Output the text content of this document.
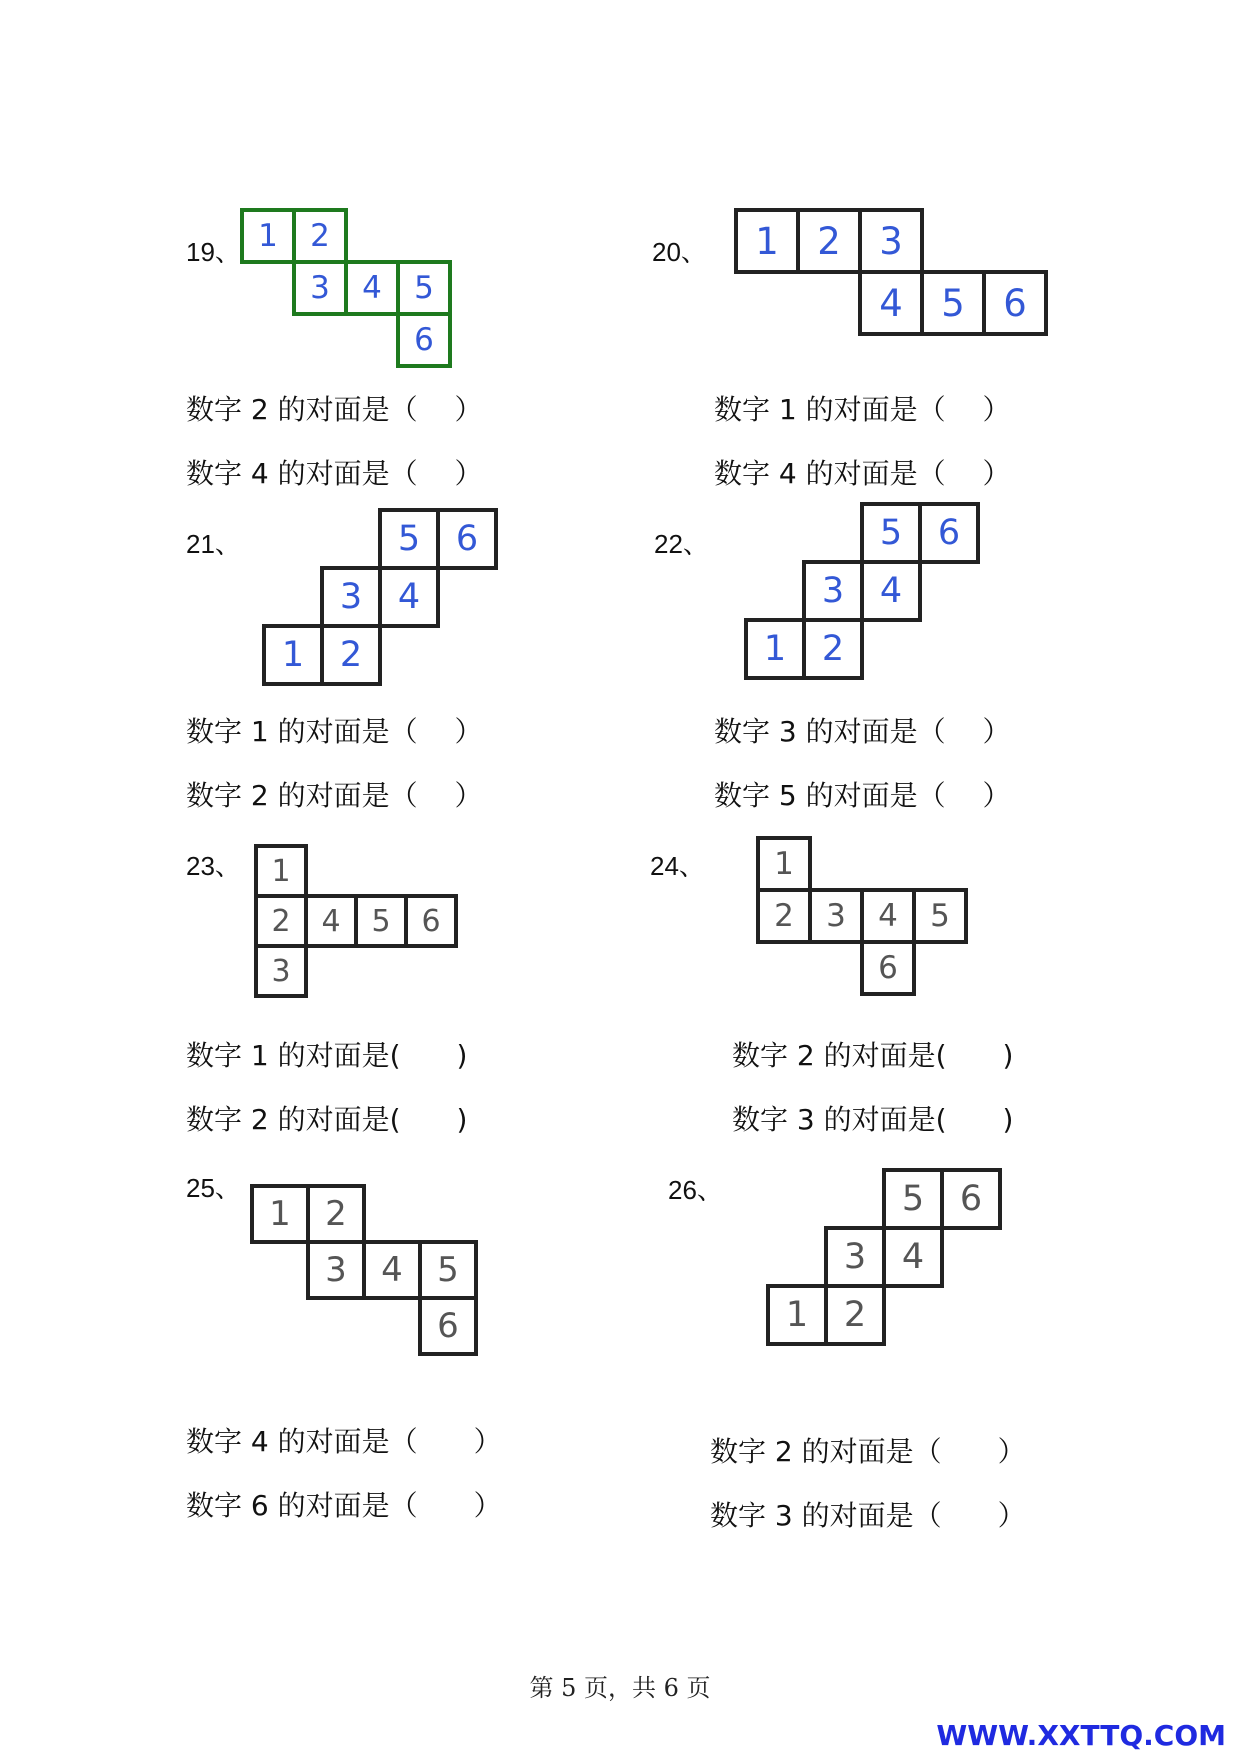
19、 1	2
3	4	5
6
数字 2 的对面是（　 ）
数字 4 的对面是（　 ）
20、	1	2	3
4	5	6
数字 1 的对面是（　 ）
数字 4 的对面是（　 ）
21、	5	6
3	4
1	2
数字 1 的对面是（　 ）
数字 2 的对面是（　 ）
22、	5	6
3	4
1	2
数字 3 的对面是（　 ）
数字 5 的对面是（　 ）
23、	1
2	4	5	6
3
数字 1 的对面是(　　)
数字 2 的对面是(　　)
24、	1
2	3	4	5
6
数字 2 的对面是(　　)
数字 3 的对面是(　　)
25、
1	2
3	4	5
6
数字 4 的对面是（　　）
数字 6 的对面是（　　）
26、	5	6
3	4
1	2
数字 2 的对面是（　　）
数字 3 的对面是（　　）
第 5 页，共 6 页
WWW.XXTTQ.COM
